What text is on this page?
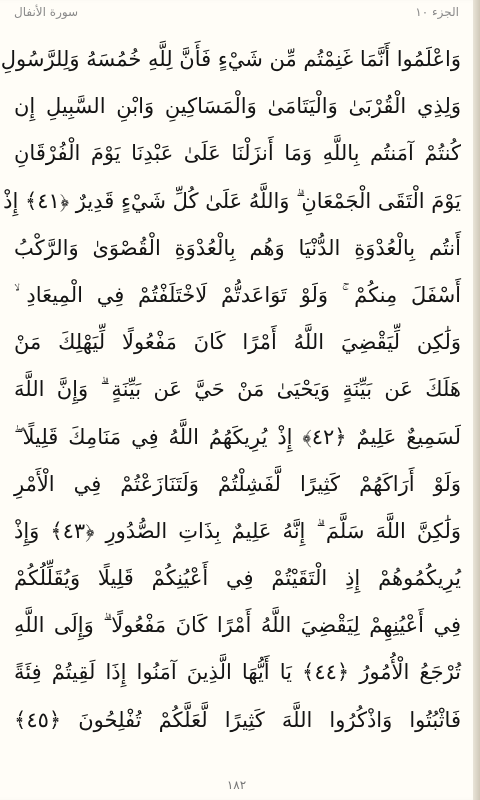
سورة الأنفال	الجزء ١٠
وَاعْلَمُوا أَنَّمَا غَنِمْتُم مِّن شَيْءٍ فَأَنَّ لِلَّهِ خُمُسَهُ وَلِلرَّسُولِ
وَلِذِي الْقُرْبَىٰ وَالْيَتَامَىٰ وَالْمَسَاكِينِ وَابْنِ السَّبِيلِ إِن
كُنتُمْ آمَنتُم بِاللَّهِ وَمَا أَنزَلْنَا عَلَىٰ عَبْدِنَا يَوْمَ الْفُرْقَانِ
يَوْمَ الْتَقَى الْجَمْعَانِ ۗ وَاللَّهُ عَلَىٰ كُلِّ شَيْءٍ قَدِيرٌ ﴿٤١﴾ إِذْ
أَنتُم بِالْعُدْوَةِ الدُّنْيَا وَهُم بِالْعُدْوَةِ الْقُصْوَىٰ وَالرَّكْبُ
أَسْفَلَ مِنكُمْ ۚ وَلَوْ تَوَاعَدتُّمْ لَاخْتَلَفْتُمْ فِي الْمِيعَادِ ۙ
وَلَٰكِن لِّيَقْضِيَ اللَّهُ أَمْرًا كَانَ مَفْعُولًا لِّيَهْلِكَ مَنْ
هَلَكَ عَن بَيِّنَةٍ وَيَحْيَىٰ مَنْ حَيَّ عَن بَيِّنَةٍ ۗ وَإِنَّ اللَّهَ
لَسَمِيعٌ عَلِيمٌ ﴿٤٢﴾ إِذْ يُرِيكَهُمُ اللَّهُ فِي مَنَامِكَ قَلِيلًا ۖ
وَلَوْ أَرَاكَهُمْ كَثِيرًا لَّفَشِلْتُمْ وَلَتَنَازَعْتُمْ فِي الْأَمْرِ
وَلَٰكِنَّ اللَّهَ سَلَّمَ ۗ إِنَّهُ عَلِيمٌ بِذَاتِ الصُّدُورِ ﴿٤٣﴾ وَإِذْ
يُرِيكُمُوهُمْ إِذِ الْتَقَيْتُمْ فِي أَعْيُنِكُمْ قَلِيلًا وَيُقَلِّلُكُمْ
فِي أَعْيُنِهِمْ لِيَقْضِيَ اللَّهُ أَمْرًا كَانَ مَفْعُولًا ۗ وَإِلَى اللَّهِ
تُرْجَعُ الْأُمُورُ ﴿٤٤﴾ يَا أَيُّهَا الَّذِينَ آمَنُوا إِذَا لَقِيتُمْ فِئَةً
فَاثْبُتُوا وَاذْكُرُوا اللَّهَ كَثِيرًا لَّعَلَّكُمْ تُفْلِحُونَ ﴿٤٥﴾
١٨٢
